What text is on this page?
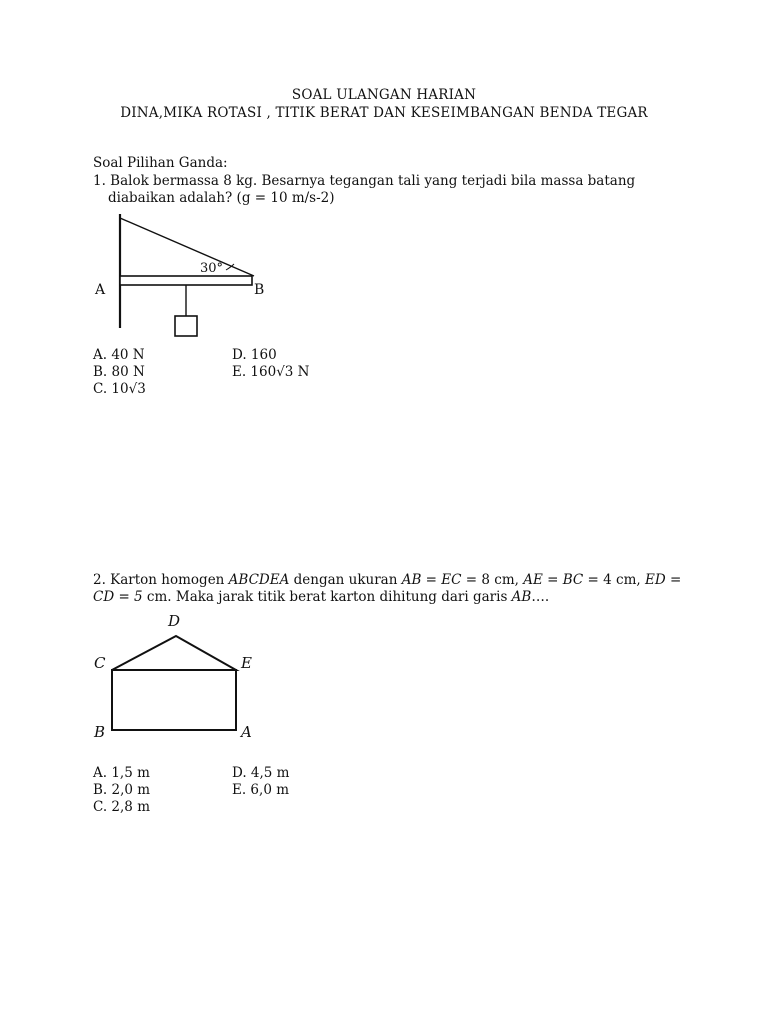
SOAL ULANGAN HARIAN
DINA,MIKA ROTASI , TITIK BERAT DAN KESEIMBANGAN BENDA TEGAR
Soal Pilihan Ganda:
1. Balok bermassa 8 kg. Besarnya tegangan tali yang terjadi bila massa batang
diabaikan adalah? (g = 10 m/s-2)
30°
A	B
A. 40 N
B. 80 N
C. 10√3
D. 160
E. 160√3 N
2. Karton homogen ABCDEA dengan ukuran AB = EC = 8 cm, AE = BC = 4 cm, ED =
CD = 5 cm. Maka jarak titik berat karton dihitung dari garis AB….
D
C	E
B	A
A. 1,5 m
B. 2,0 m
C. 2,8 m
D. 4,5 m
E. 6,0 m
